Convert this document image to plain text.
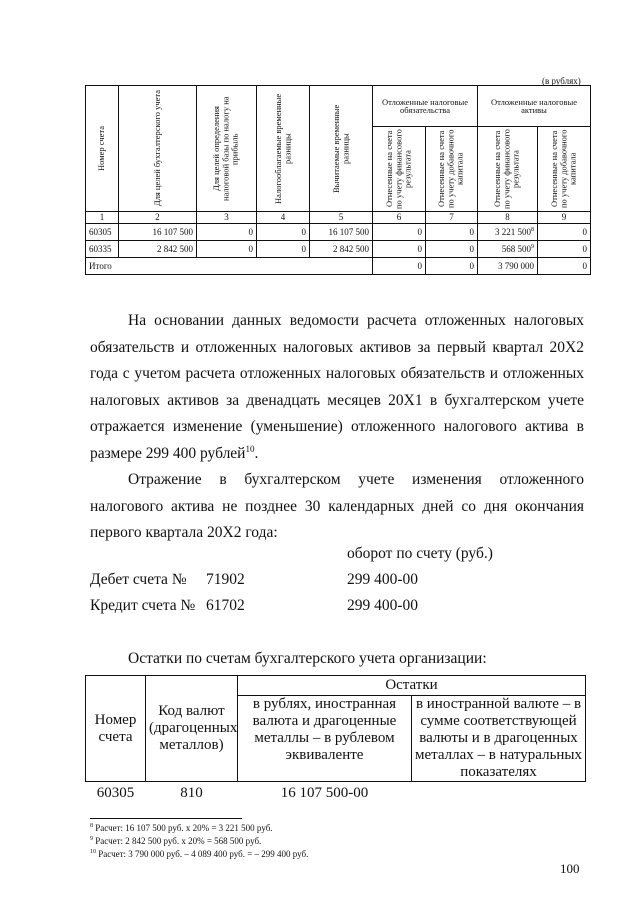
(в рублях)
Номер счета	Для целей бухгалтерского учета	Для целей определения налоговой базы по налогу на прибыль	Налогооблагаемые временные разницы	Вычитаемые временные разницы	Отложенные налоговые обязательства		Отложенные налоговые активы	

					Отнесенные на счета по учету финансового результата	Отнесенные на счета по учету добавочного капитала	Отнесенные на счета по учету финансового результата	Отнесенные на счета по учету добавочного капитала

1	2	3	4	5	6	7	8	9
60305	16 107 500	0	0	16 107 500	0	0	3 221 $500^8$	0
60335	2 842 500	0	0	2 842 500	0	0	568 $500^9$	0
Итого					0	0	3 790 000	0
На основании данных ведомости расчета отложенных налоговых обязательств и отложенных налоговых активов за первый квартал 20Х2 года с учетом расчета отложенных налоговых обязательств и отложенных налоговых активов за двенадцать месяцев 20Х1 в бухгалтерском учете отражается изменение (уменьшение) отложенного налогового актива в размере 299 400 рублей$^{10}$.
Отражение в бухгалтерском учете изменения отложенного налогового актива не позднее 30 календарных дней со дня окончания первого квартала 20Х2 года:
оборот по счету (руб.)
Дебет счета № 71902	299 400-00
Кредит счета № 61702	299 400-00
Остатки по счетам бухгалтерского учета организации:
Номер счета	Код валют (драгоценных металлов)	Остатки	
		в рублях, иностранная валюта и драгоценные металлы – в рублевом эквиваленте	в иностранной валюте – в сумме соответствующей валюты и в драгоценных металлах – в натуральных показателях
60305	810	16 107 500-00	
$^8$ Расчет: 16 107 500 руб. х 20% = 3 221 500 руб.
$^9$ Расчет: 2 842 500 руб. х 20% = 568 500 руб.
$^{10}$ Расчет: 3 790 000 руб. – 4 089 400 руб. = – 299 400 руб.
100
